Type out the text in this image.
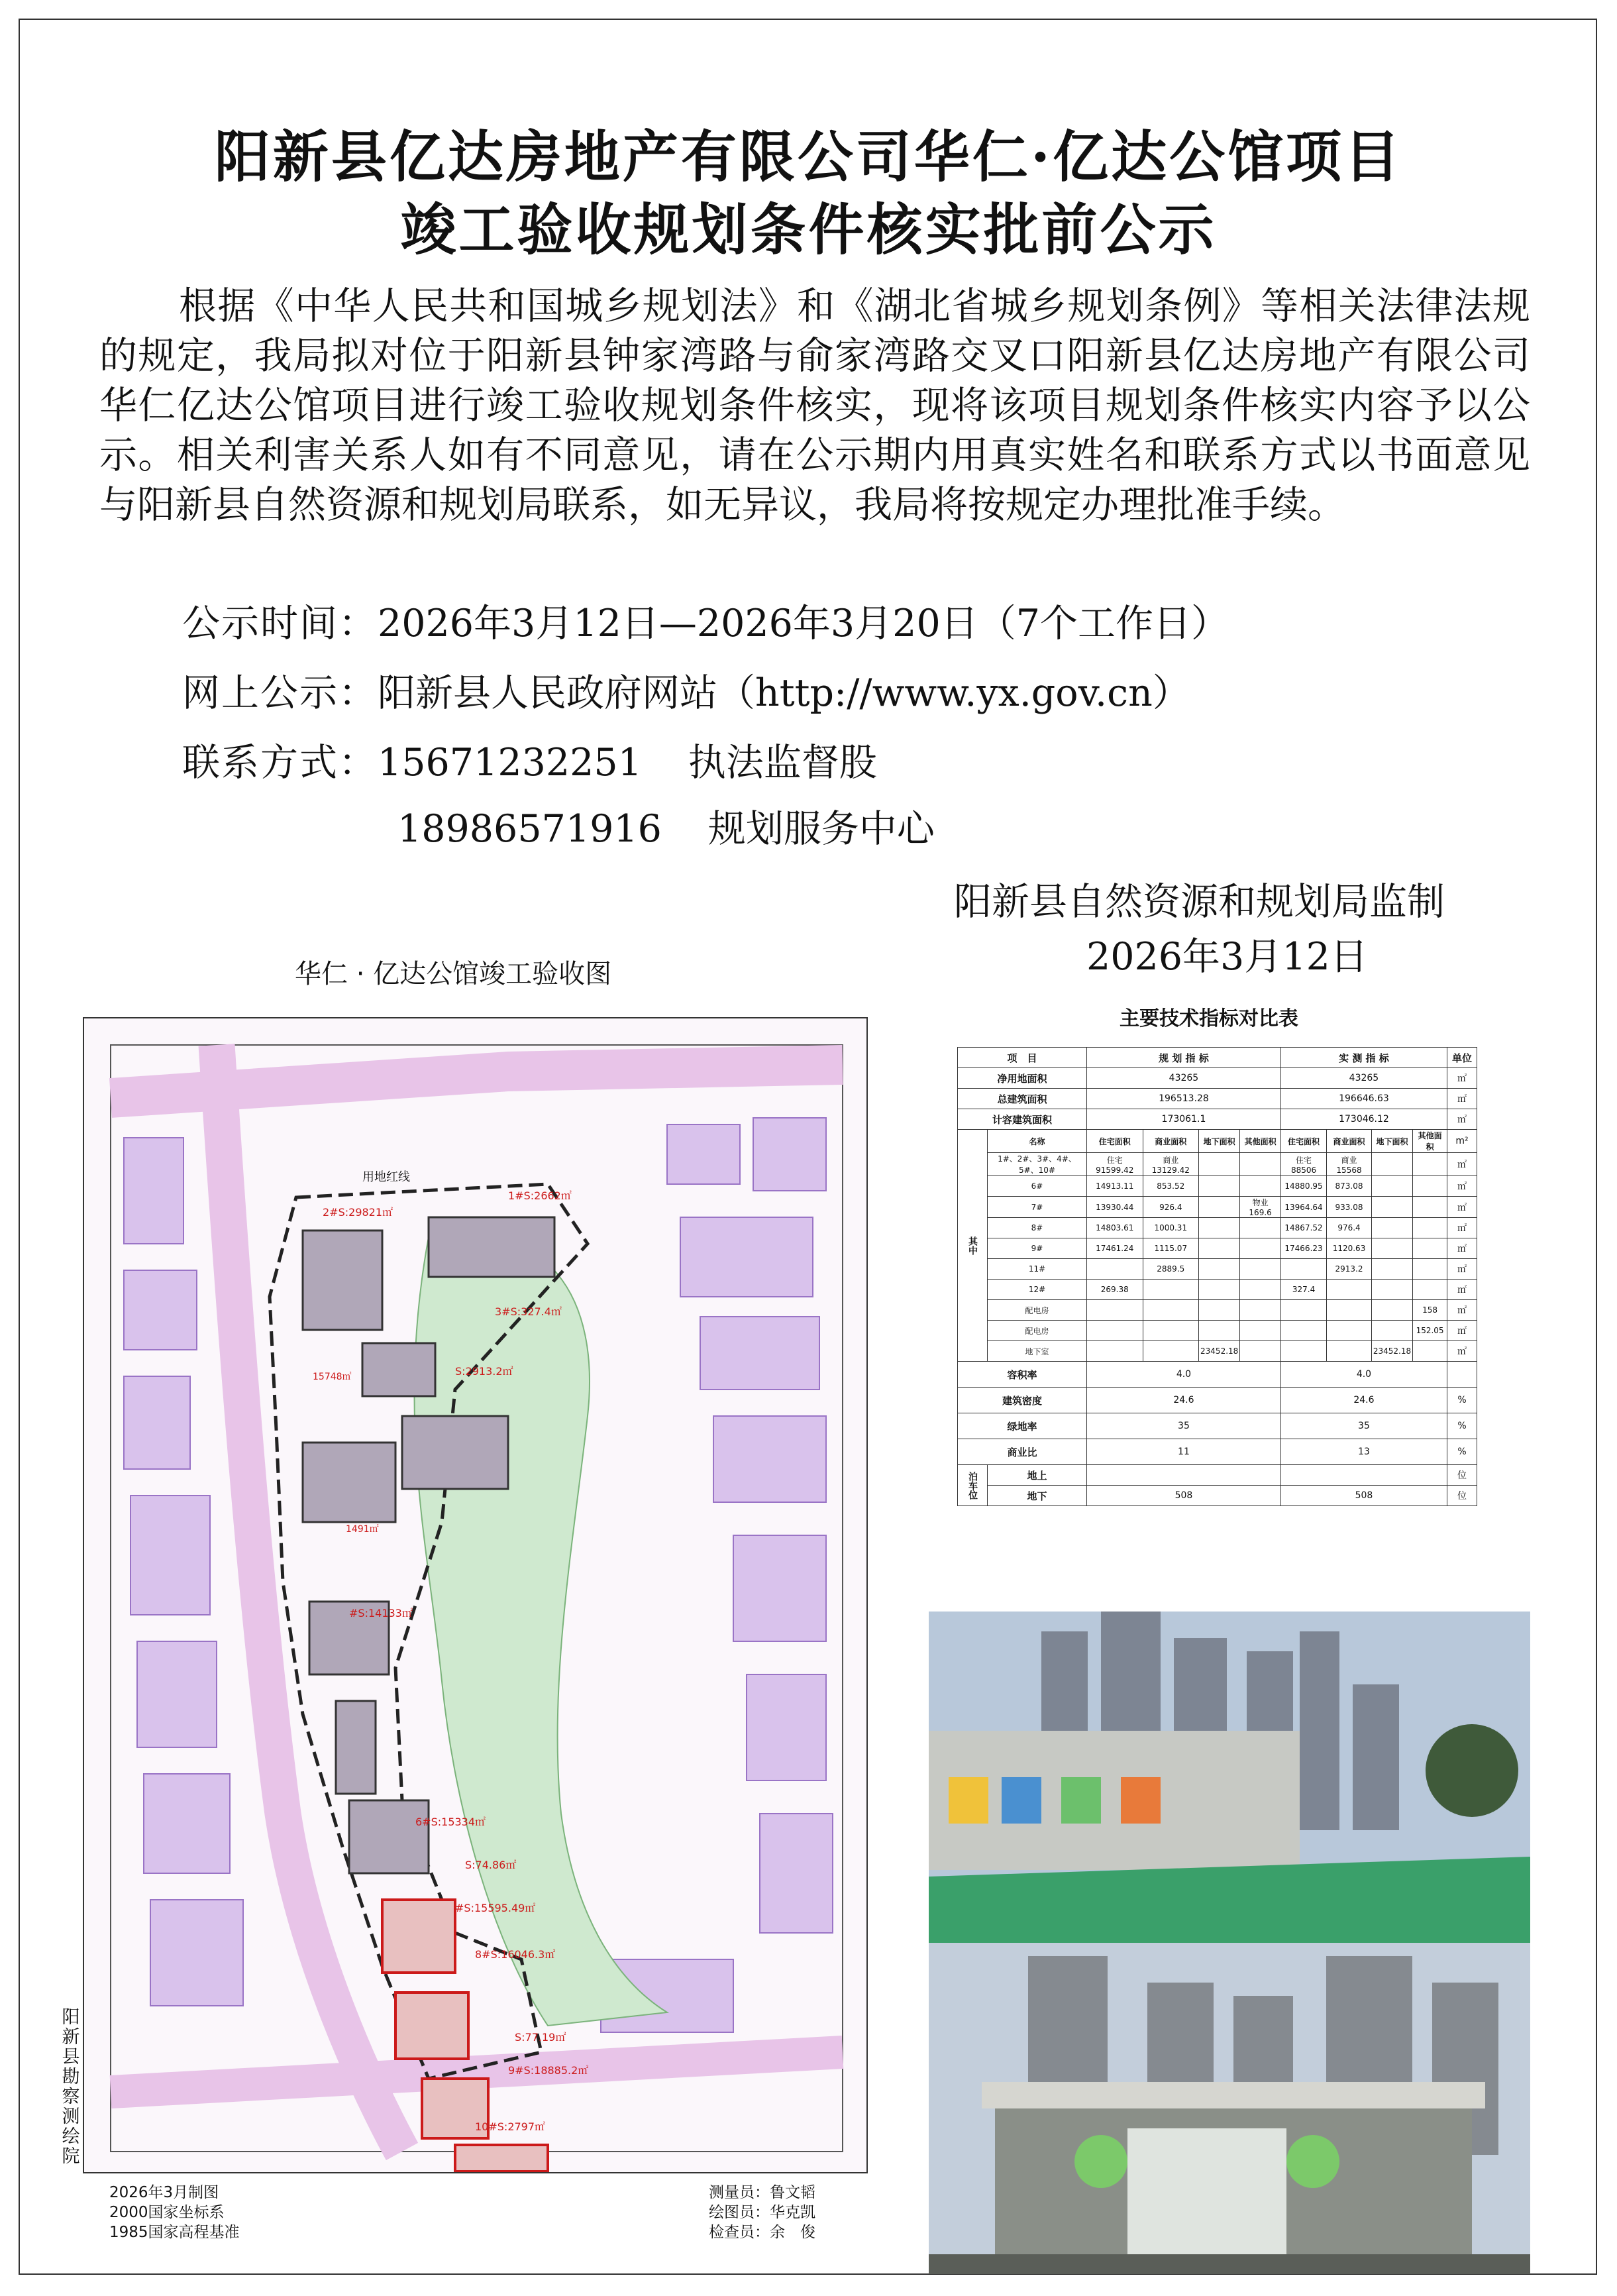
阳新县亿达房地产有限公司华仁·亿达公馆项目
竣工验收规划条件核实批前公示
根据《中华人民共和国城乡规划法》和《湖北省城乡规划条例》等相关法律法规的规定，我局拟对位于阳新县钟家湾路与俞家湾路交叉口阳新县亿达房地产有限公司华仁亿达公馆项目进行竣工验收规划条件核实，现将该项目规划条件核实内容予以公示。相关利害关系人如有不同意见，请在公示期内用真实姓名和联系方式以书面意见与阳新县自然资源和规划局联系，如无异议，我局将按规定办理批准手续。
公示时间：2026年3月12日—2026年3月20日（7个工作日）
网上公示：阳新县人民政府网站（http://www.yx.gov.cn）
联系方式：15671232251 执法监督股
18986571916 规划服务中心
阳新县自然资源和规划局监制
2026年3月12日
华仁 · 亿达公馆竣工验收图
用地红线
1#S:2662㎡
2#S:29821㎡
3#S:327.4㎡
S:2913.2㎡
15748㎡
1491㎡
#S:14133㎡
6#S:15334㎡
S:74.86㎡
#S:15595.49㎡
8#S:16046.3㎡
S:77.19㎡
9#S:18885.2㎡
10#S:2797㎡
阳
新
县
勘
察
测
绘
院
2026年3月制图
2000国家坐标系
1985国家高程基准
测量员：鲁文韬
绘图员：华克凯
检查员：余　俊
主要技术指标对比表
项　目		规 划 指 标				实 测 指 标				单位
净用地面积		43265				43265				㎡
总建筑面积		196513.28				196646.63				㎡
计容建筑面积		173061.1				173046.12				㎡
其中	名称	住宅面积	商业面积	地下面积	其他面积	住宅面积	商业面积	地下面积	其他面积	m²
	1#、2#、3#、4#、5#、10#	住宅 91599.42	商业 13129.42			住宅 88506	商业 15568			㎡
	6#	14913.11	853.52			14880.95	873.08			㎡
	7#	13930.44	926.4		物业 169.6	13964.64	933.08			㎡
	8#	14803.61	1000.31			14867.52	976.4			㎡
	9#	17461.24	1115.07			17466.23	1120.63			㎡
	11#		2889.5				2913.2			㎡
	12#	269.38				327.4				㎡
	配电房								158	㎡
	配电房								152.05	㎡
	地下室			23452.18				23452.18		㎡
容积率		4.0				4.0				
建筑密度		24.6				24.6				%
绿地率		35				35				%
商业比		11				13				%
泊车位	地上									位
	地下	508				508				位
